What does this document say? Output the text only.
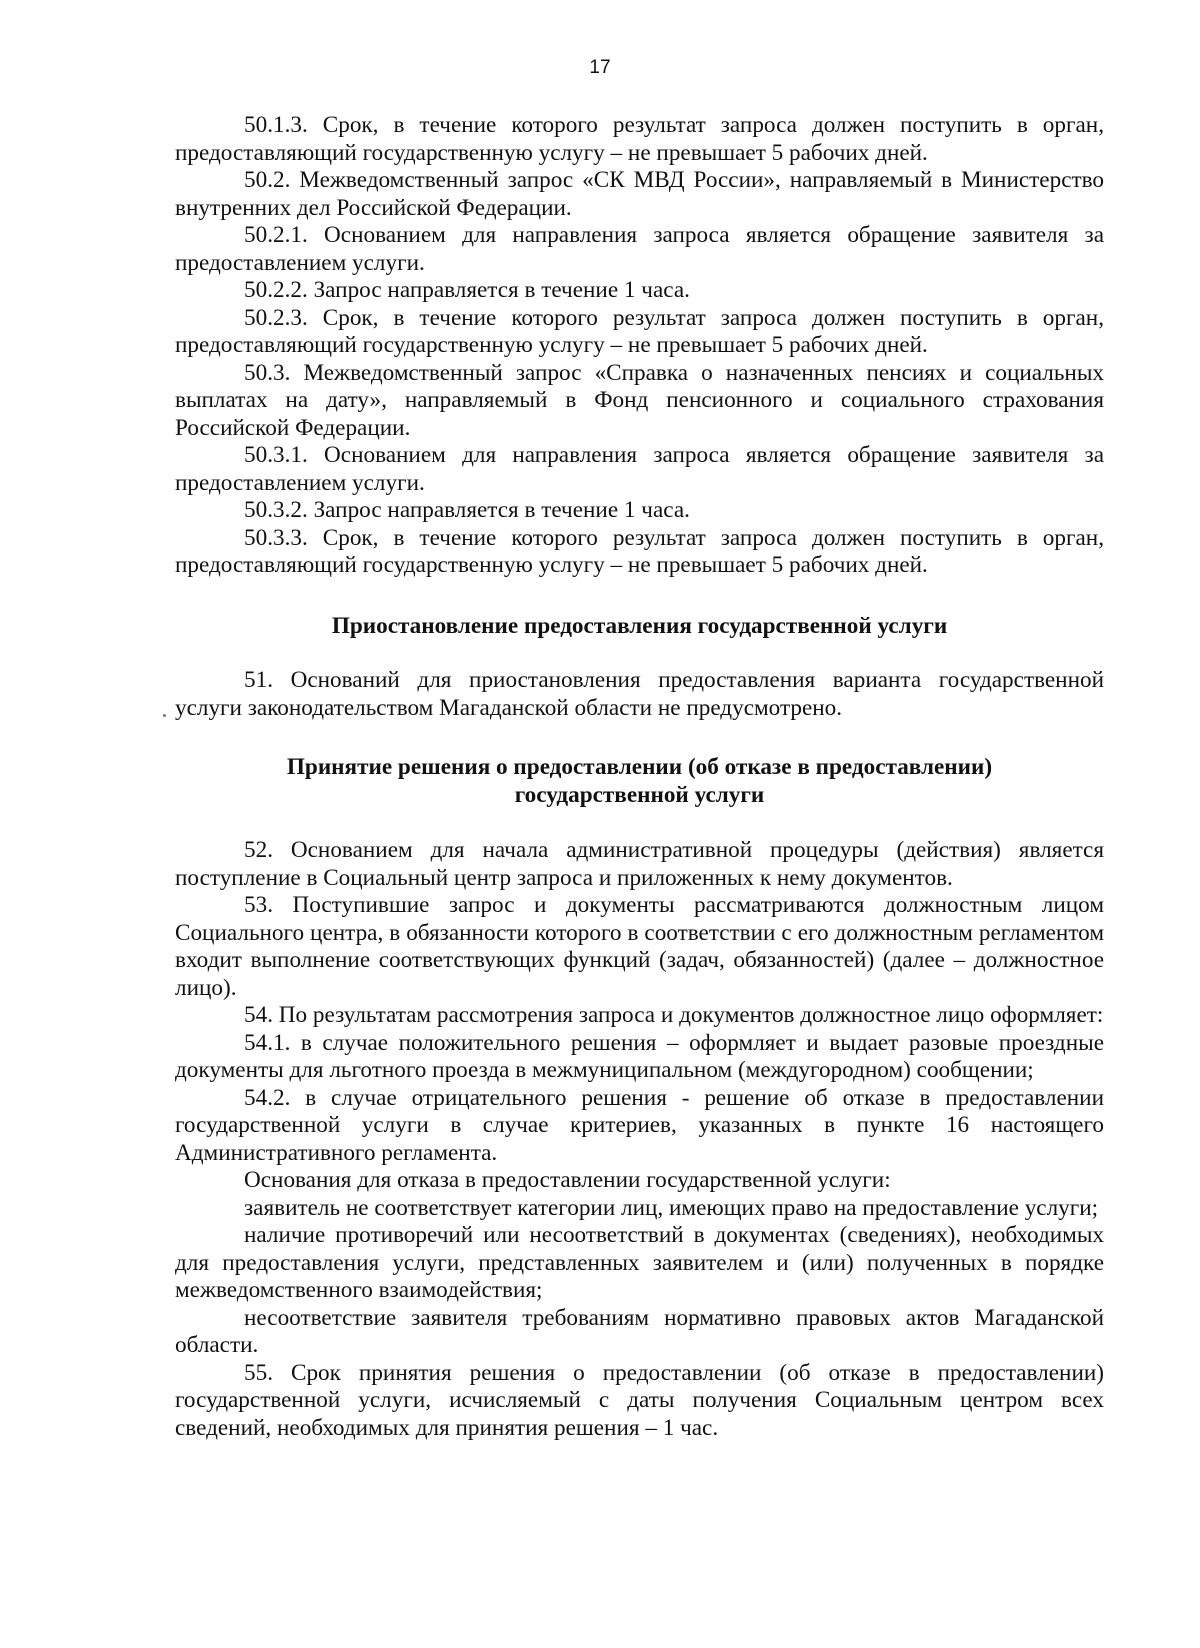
17

50.1.3. Срок, в течение которого результат запроса должен поступить в орган, предоставляющий государственную услугу – не превышает 5 рабочих дней.

50.2. Межведомственный запрос «СК МВД России», направляемый в Министерство внутренних дел Российской Федерации.

50.2.1. Основанием для направления запроса является обращение заявителя за предоставлением услуги.

50.2.2. Запрос направляется в течение 1 часа.

50.2.3. Срок, в течение которого результат запроса должен поступить в орган, предоставляющий государственную услугу – не превышает 5 рабочих дней.

50.3. Межведомственный запрос «Справка о назначенных пенсиях и социальных выплатах на дату», направляемый в Фонд пенсионного и социального страхования Российской Федерации.

50.3.1. Основанием для направления запроса является обращение заявителя за предоставлением услуги.

50.3.2. Запрос направляется в течение 1 часа.

50.3.3. Срок, в течение которого результат запроса должен поступить в орган, предоставляющий государственную услугу – не превышает 5 рабочих дней.

Приостановление предоставления государственной услуги

51. Оснований для приостановления предоставления варианта государственной услуги законодательством Магаданской области не предусмотрено.

Принятие решения о предоставлении (об отказе в предоставлении)
государственной услуги

52. Основанием для начала административной процедуры (действия) является поступление в Социальный центр запроса и приложенных к нему документов.

53. Поступившие запрос и документы рассматриваются должностным лицом Социального центра, в обязанности которого в соответствии с его должностным регламентом входит выполнение соответствующих функций (задач, обязанностей) (далее – должностное лицо).

54. По результатам рассмотрения запроса и документов должностное лицо оформляет:

54.1. в случае положительного решения – оформляет и выдает разовые проездные документы для льготного проезда в межмуниципальном (междугородном) сообщении;

54.2. в случае отрицательного решения - решение об отказе в предоставлении государственной услуги в случае критериев, указанных в пункте 16 настоящего Административного регламента.

Основания для отказа в предоставлении государственной услуги:

заявитель не соответствует категории лиц, имеющих право на предоставление услуги;

наличие противоречий или несоответствий в документах (сведениях), необходимых для предоставления услуги, представленных заявителем и (или) полученных в порядке межведомственного взаимодействия;

несоответствие заявителя требованиям нормативно правовых актов Магаданской области.

55. Срок принятия решения о предоставлении (об отказе в предоставлении) государственной услуги, исчисляемый с даты получения Социальным центром всех сведений, необходимых для принятия решения – 1 час.
